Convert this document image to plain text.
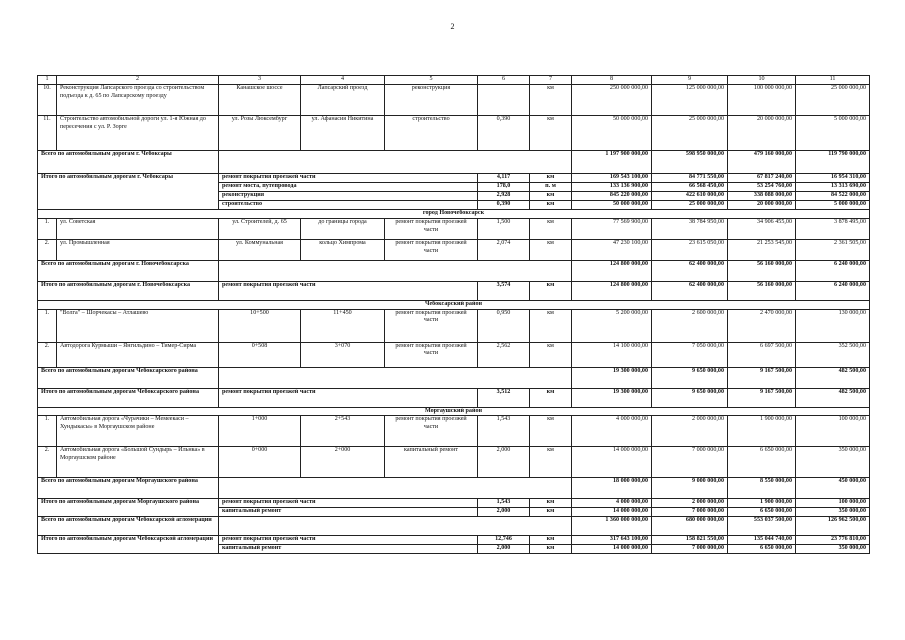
2
1	2	3	4	5	6	7	8	9	10	11
10.	Реконструкция Лапсарского проезда со строительством подъезда к д. 65 по Лапсарскому проезду	Канашское шоссе	Лапсарский проезд	реконструкция		км	250 000 000,00	125 000 000,00	100 000 000,00	25 000 000,00
11.	Строительство автомобильной дороги ул. 1-я Южная до пересечения с ул. Р. Зорге	ул. Розы Люксембург	ул. Афанасия Никитина	строительство	0,390	км	50 000 000,00	25 000 000,00	20 000 000,00	5 000 000,00
Всего по автомобильным дорогам г. Чебоксары							1 197 900 000,00	598 950 000,00	479 160 000,00	119 790 000,00
Итого по автомобильным дорогам г. Чебоксары		ремонт покрытия проезжей части			4,117	км	169 543 100,00	84 771 550,00	67 817 240,00	16 954 310,00
		ремонт моста, путепровода			178,0	п. м	133 136 900,00	66 568 450,00	53 254 760,00	13 313 690,00
		реконструкция			2,928	км	845 220 000,00	422 610 000,00	338 088 000,00	84 522 000,00
		строительство			0,390	км	50 000 000,00	25 000 000,00	20 000 000,00	5 000 000,00
город Новочебоксарск										
1.	ул. Советская	ул. Строителей, д. 65	до границы города	ремонт покрытия проезжей части	1,500	км	77 569 900,00	38 784 950,00	34 906 455,00	3 878 495,00
2.	ул. Промышленная	ул. Коммунальная	кольцо Химпрома	ремонт покрытия проезжей части	2,074	км	47 230 100,00	23 615 050,00	21 253 545,00	2 361 505,00
Всего по автомобильным дорогам г. Новочебоксарска							124 800 000,00	62 400 000,00	56 160 000,00	6 240 000,00
Итого по автомобильным дорогам г. Новочебоксарска		ремонт покрытия проезжей части			3,574	км	124 800 000,00	62 400 000,00	56 160 000,00	6 240 000,00
Чебоксарский район										
1.	"Волга" – Шорчекасы – Атлашево	10+500	11+450	ремонт покрытия проезжей части	0,950	км	5 200 000,00	2 600 000,00	2 470 000,00	130 000,00
2.	Автодорога Курмыши – Янгильдино – Тимер-Сирма	0+508	3+070	ремонт покрытия проезжей части	2,562	км	14 100 000,00	7 050 000,00	6 697 500,00	352 500,00
Всего по автомобильным дорогам Чебоксарского района							19 300 000,00	9 650 000,00	9 167 500,00	482 500,00
Итого по автомобильным дорогам Чебоксарского района		ремонт покрытия проезжей части			3,512	км	19 300 000,00	9 650 000,00	9 167 500,00	482 500,00
Моргаушский район										
1.	Автомобильная дорога «Чурачики – Мемеекаси – Хундыкасы» в Моргаушском районе	1+000	2+543	ремонт покрытия проезжей части	1,543	км	4 000 000,00	2 000 000,00	1 900 000,00	100 000,00
2.	Автомобильная дорога «Большой Сундырь – Ильнка» в Моргаушском районе	0+000	2+000	капитальный ремонт	2,000	км	14 000 000,00	7 000 000,00	6 650 000,00	350 000,00
Всего по автомобильным дорогам Моргаушского района							18 000 000,00	9 000 000,00	8 550 000,00	450 000,00
Итого по автомобильным дорогам Моргаушского района		ремонт покрытия проезжей части			1,543	км	4 000 000,00	2 000 000,00	1 900 000,00	100 000,00
		капитальный ремонт			2,000	км	14 000 000,00	7 000 000,00	6 650 000,00	350 000,00
Всего по автомобильным дорогам Чебоксарской агломерации							1 360 000 000,00	680 000 000,00	553 037 500,00	126 962 500,00
Итого по автомобильным дорогам Чебоксарской агломерации		ремонт покрытия проезжей части			12,746	км	317 643 100,00	158 821 550,00	135 044 740,00	23 776 810,00
		капитальный ремонт			2,000	км	14 000 000,00	7 000 000,00	6 650 000,00	350 000,00
